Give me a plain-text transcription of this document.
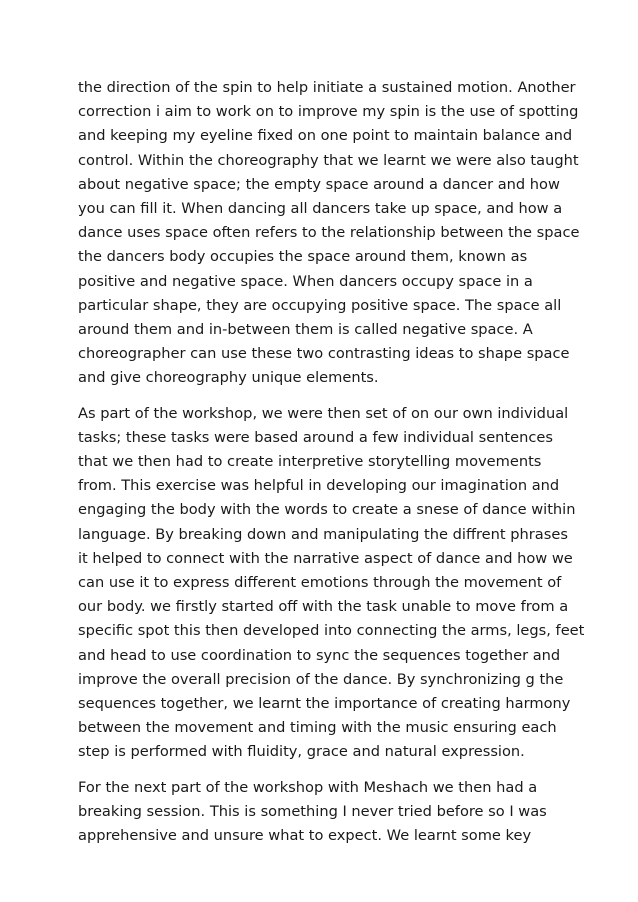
the direction of the spin to help initiate a sustained motion. Another
correction i aim to work on to improve my spin is the use of spotting
and keeping my eyeline fixed on one point to maintain balance and
control. Within the choreography that we learnt we were also taught
about negative space; the empty space around a dancer and how
you can fill it. When dancing all dancers take up space, and how a
dance uses space often refers to the relationship between the space
the dancers body occupies the space around them, known as
positive and negative space. When dancers occupy space in a
particular shape, they are occupying positive space. The space all
around them and in-between them is called negative space. A
choreographer can use these two contrasting ideas to shape space
and give choreography unique elements.

As part of the workshop, we were then set of on our own individual
tasks; these tasks were based around a few individual sentences
that we then had to create interpretive storytelling movements
from. This exercise was helpful in developing our imagination and
engaging the body with the words to create a snese of dance within
language. By breaking down and manipulating the diffrent phrases
it helped to connect with the narrative aspect of dance and how we
can use it to express different emotions through the movement of
our body. we firstly started off with the task unable to move from a
specific spot this then developed into connecting the arms, legs, feet
and head to use coordination to sync the sequences together and
improve the overall precision of the dance. By synchronizing g the
sequences together, we learnt the importance of creating harmony
between the movement and timing with the music ensuring each
step is performed with fluidity, grace and natural expression.

For the next part of the workshop with Meshach we then had a
breaking session. This is something I never tried before so I was
apprehensive and unsure what to expect. We learnt some key
